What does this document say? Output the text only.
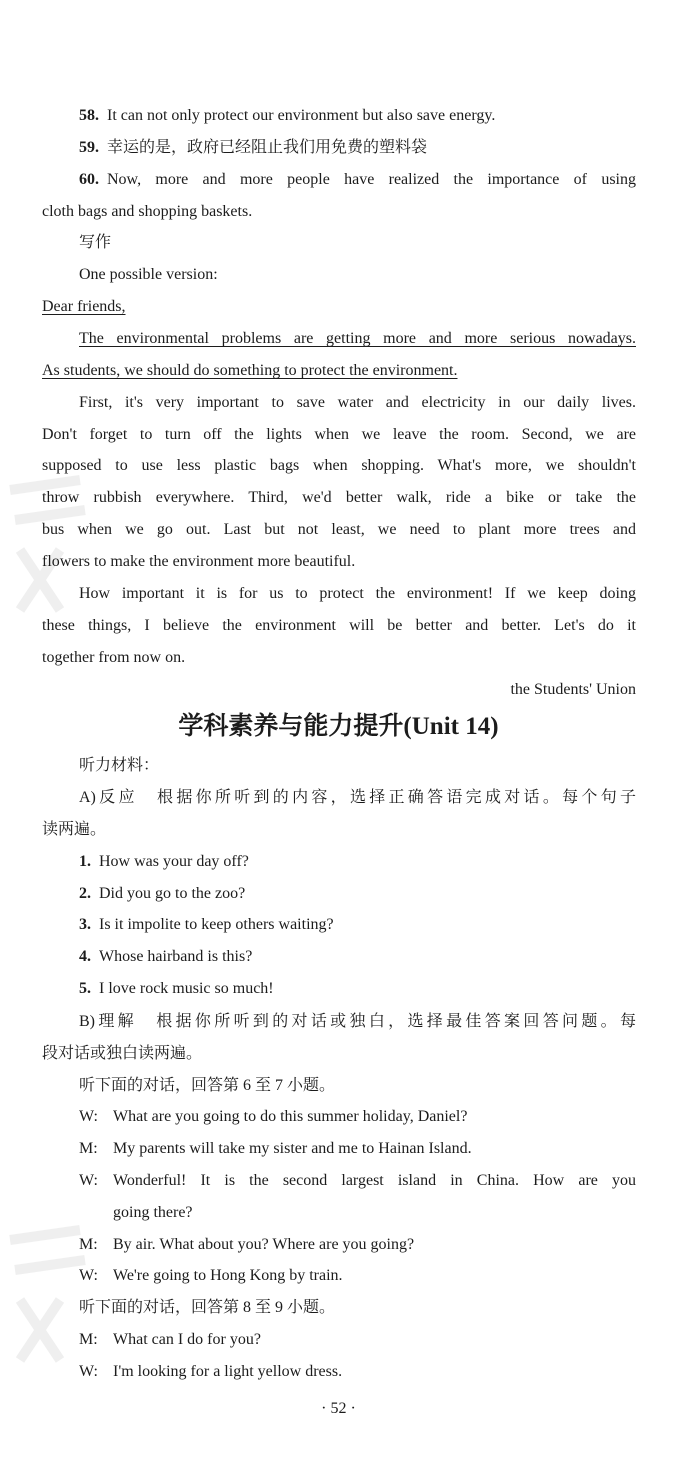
58. It can not only protect our environment but also save energy.
59. 幸运的是，政府已经阻止我们用免费的塑料袋
60. Now, more and more people have realized the importance of using
cloth bags and shopping baskets.
写作
One possible version:
Dear friends,
The environmental problems are getting more and more serious nowadays.
As students, we should do something to protect the environment.
First, it's very important to save water and electricity in our daily lives.
Don't forget to turn off the lights when we leave the room. Second, we are
supposed to use less plastic bags when shopping. What's more, we shouldn't
throw rubbish everywhere. Third, we'd better walk, ride a bike or take the
bus when we go out. Last but not least, we need to plant more trees and
flowers to make the environment more beautiful.
How important it is for us to protect the environment! If we keep doing
these things, I believe the environment will be better and better. Let's do it
together from now on.
the Students' Union
学科素养与能力提升(Unit 14)
听力材料：
A)反应　根据你所听到的内容，选择正确答语完成对话。每个句子
读两遍。
1. How was your day off?
2. Did you go to the zoo?
3. Is it impolite to keep others waiting?
4. Whose hairband is this?
5. I love rock music so much!
B)理解　根据你所听到的对话或独白，选择最佳答案回答问题。每
段对话或独白读两遍。
听下面的对话，回答第 6 至 7 小题。
W: What are you going to do this summer holiday, Daniel?
M: My parents will take my sister and me to Hainan Island.
W: Wonderful! It is the second largest island in China. How are you
going there?
M: By air. What about you? Where are you going?
W: We're going to Hong Kong by train.
听下面的对话，回答第 8 至 9 小题。
M: What can I do for you?
W: I'm looking for a light yellow dress.
· 52 ·
